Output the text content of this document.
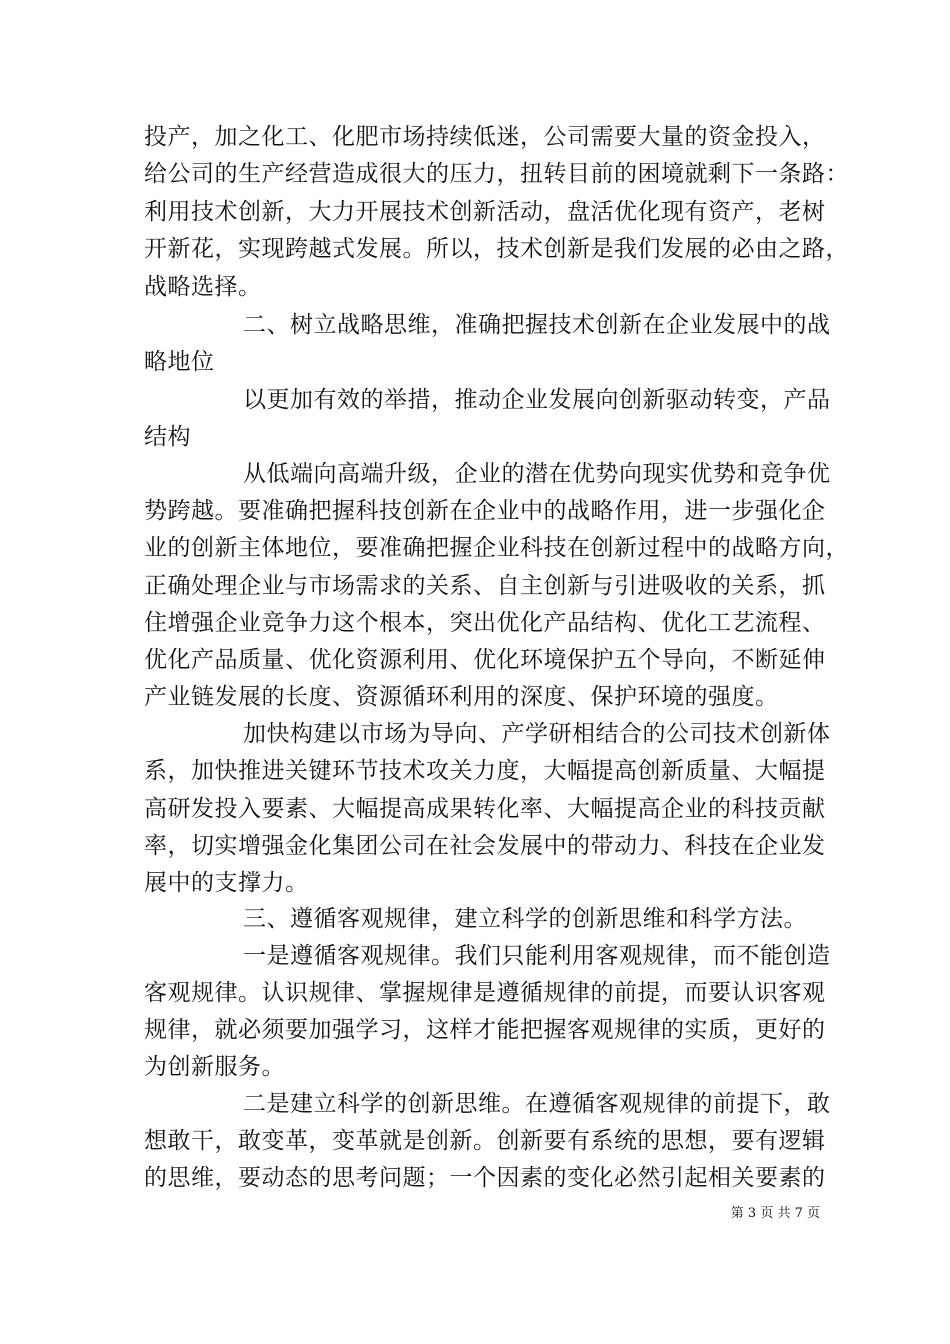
投产，加之化工、化肥市场持续低迷，公司需要大量的资金投入，
给公司的生产经营造成很大的压力，扭转目前的困境就剩下一条路：
利用技术创新，大力开展技术创新活动，盘活优化现有资产，老树
开新花，实现跨越式发展。所以，技术创新是我们发展的必由之路，
战略选择。
二、树立战略思维，准确把握技术创新在企业发展中的战
略地位
以更加有效的举措，推动企业发展向创新驱动转变，产品
结构
从低端向高端升级，企业的潜在优势向现实优势和竞争优
势跨越。要准确把握科技创新在企业中的战略作用，进一步强化企
业的创新主体地位，要准确把握企业科技在创新过程中的战略方向，
正确处理企业与市场需求的关系、自主创新与引进吸收的关系，抓
住增强企业竞争力这个根本，突出优化产品结构、优化工艺流程、
优化产品质量、优化资源利用、优化环境保护五个导向，不断延伸
产业链发展的长度、资源循环利用的深度、保护环境的强度。
加快构建以市场为导向、产学研相结合的公司技术创新体
系，加快推进关键环节技术攻关力度，大幅提高创新质量、大幅提
高研发投入要素、大幅提高成果转化率、大幅提高企业的科技贡献
率，切实增强金化集团公司在社会发展中的带动力、科技在企业发
展中的支撑力。
三、遵循客观规律，建立科学的创新思维和科学方法。
一是遵循客观规律。我们只能利用客观规律，而不能创造
客观规律。认识规律、掌握规律是遵循规律的前提，而要认识客观
规律，就必须要加强学习，这样才能把握客观规律的实质，更好的
为创新服务。
二是建立科学的创新思维。在遵循客观规律的前提下，敢
想敢干，敢变革，变革就是创新。创新要有系统的思想，要有逻辑
的思维，要动态的思考问题；一个因素的变化必然引起相关要素的
第 3 页 共 7 页
